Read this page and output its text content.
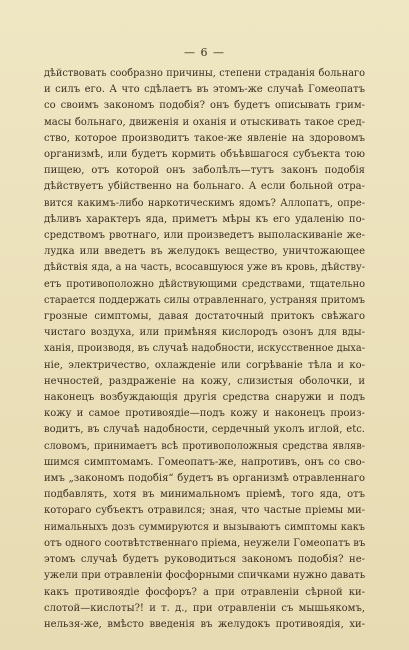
— 6 —
дѣйствовать сообразно причины, степени страданія больнаго
и силъ его. А что сдѣлаетъ въ этомъ-же случаѣ Гомеопатъ
со своимъ закономъ подобія? онъ будетъ описывать грим-
масы больнаго, движенія и оханія и отыскивать такое сред-
ство, которое производитъ такое-же явленіе на здоровомъ
организмѣ, или будетъ кормить объѣвшагося субъекта тою
пищею, отъ которой онъ заболѣлъ—тутъ законъ подобія
дѣйствуетъ убійственно на больнаго. А если больной отра-
вится какимъ-либо наркотическимъ ядомъ? Аллопатъ, опре-
дѣливъ характеръ яда, приметъ мѣры къ его удаленію по-
средствомъ рвотнаго, или произведетъ выполаскиваніе же-
лудка или введетъ въ желудокъ вещество, уничтожающее
дѣйствія яда, а на часть, всосавшуюся уже въ кровь, дѣйству-
етъ противоположно дѣйствующими средствами, тщательно
старается поддержать силы отравленнаго, устраняя притомъ
грозные симптомы, давая достаточный притокъ свѣжаго
чистаго воздуха, или примѣняя кислородъ озонъ для вды-
ханія, производя, въ случаѣ надобности, искусственное дыха-
ніе, электричество, охлажденіе или согрѣваніе тѣла и ко-
нечностей, раздраженіе на кожу, слизистыя оболочки, и
наконецъ возбуждающія другія средства снаружи и подъ
кожу и самое противоядіе—подъ кожу и наконецъ произ-
водитъ, въ случаѣ надобности, сердечный уколъ иглой, etc.
словомъ, принимаетъ всѣ противоположныя средства являв-
шимся симптомамъ. Гомеопатъ-же, напротивъ, онъ со сво-
имъ „закономъ подобія“ будетъ въ организмѣ отравленнаго
подбавлять, хотя въ минимальномъ пріемѣ, того яда, отъ
котораго субъектъ отравился; зная, что частые пріемы ми-
нимальныхъ дозъ суммируются и вызываютъ симптомы какъ
отъ одного соотвѣтственнаго пріема, неужели Гомеопатъ въ
этомъ случаѣ будетъ руководиться закономъ подобія? не-
ужели при отравленіи фосфорными спичками нужно давать
какъ противоядіе фосфоръ? а при отравленіи сѣрной ки-
слотой—кислоты?! и т. д., при отравленіи съ мышьякомъ,
нельзя-же, вмѣсто введенія въ желудокъ противоядія, хи-
